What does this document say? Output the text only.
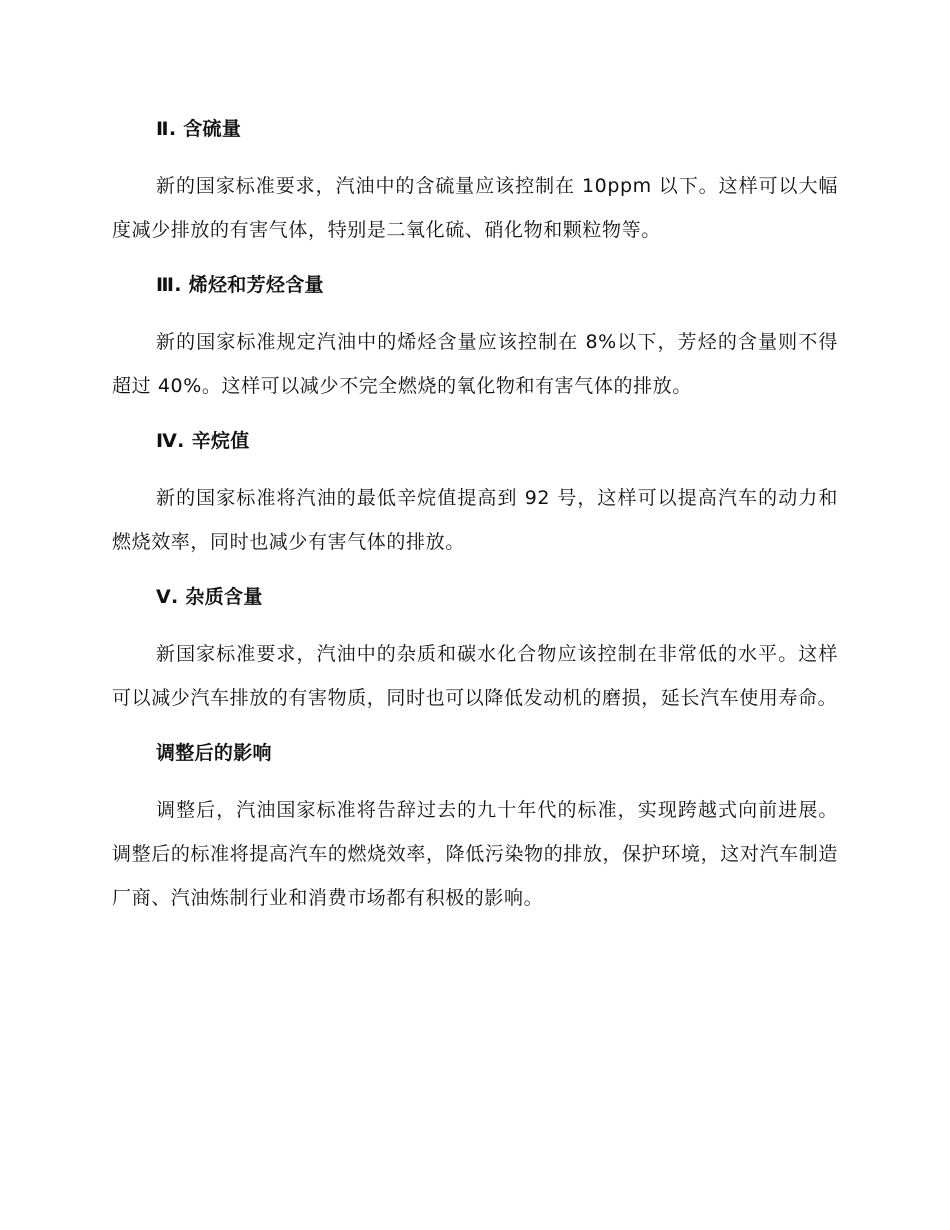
Ⅱ. 含硫量

新的国家标准要求，汽油中的含硫量应该控制在 10ppm 以下。这样可以大幅度减少排放的有害气体，特别是二氧化硫、硝化物和颗粒物等。

Ⅲ. 烯烃和芳烃含量

新的国家标准规定汽油中的烯烃含量应该控制在 8%以下，芳烃的含量则不得超过 40%。这样可以减少不完全燃烧的氧化物和有害气体的排放。

Ⅳ. 辛烷值

新的国家标准将汽油的最低辛烷值提高到 92 号，这样可以提高汽车的动力和燃烧效率，同时也减少有害气体的排放。

Ⅴ. 杂质含量

新国家标准要求，汽油中的杂质和碳水化合物应该控制在非常低的水平。这样可以减少汽车排放的有害物质，同时也可以降低发动机的磨损，延长汽车使用寿命。

调整后的影响

调整后，汽油国家标准将告辞过去的九十年代的标准，实现跨越式向前进展。调整后的标准将提高汽车的燃烧效率，降低污染物的排放，保护环境，这对汽车制造厂商、汽油炼制行业和消费市场都有积极的影响。
